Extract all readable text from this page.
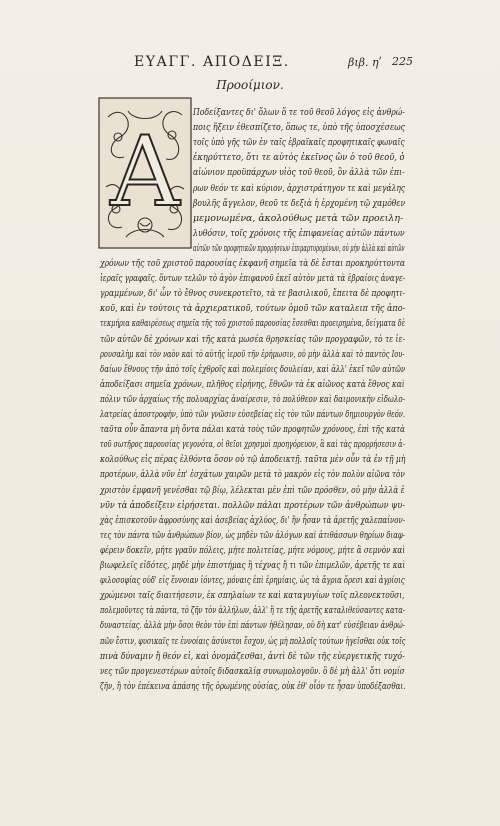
ΕΥΑΓΓ. ΑΠΟΔΕΙΞ.	βιβ. ηʹ 225
Προοίμιον.
A
Ποδείξαντες δι' ὅλων ὅ τε τοῦ θεοῦ λόγος εἰς ἀνθρώ-
ποις ἥξειν ἐθεσπίζετο, ὅπως τε, ὑπὸ τῆς ὑποσχέσεως
τοῖς ὑπὸ γῆς τῶν ἐν ταῖς ἑβραϊκαῖς προφητικαῖς φωναῖς
ἐκηρύττετο, ὅτι τε αὐτὸς ἐκεῖνος ὢν ὁ τοῦ θεοῦ, ὁ
αἰώνιον προϋπάρχων υἱὸς τοῦ θεοῦ, ὃν ἀλλὰ τῶν ἐπι-
ρων θεόν τε καὶ κύριον, ἀρχιστράτηγον τε καὶ μεγάλης
βουλῆς ἄγγελον, θεοῦ τε δεξιὰ ἡ ἐρχομένη τῷ χαμόθεν
μεμονωμένα, ἀκολούθως μετὰ τῶν προειλη-
λυθόσιν, τοῖς χρόνοις τῆς ἐπιφανείας αὐτῶν πάντων
αὐτῶν τῶν προφητικῶν προρρήσεων ἐπιμαρτυρομένων, οὐ μὴν ἀλλὰ καὶ αὐτῶν
χρόνων τῆς τοῦ χριστοῦ παρουσίας ἐκφανῆ σημεῖα τὰ δὲ ἔσται προκηρύττοντα
ἱεραῖς γραφαῖς. ὅντων τελῶν τὸ ἀγὸν ἐπιφανοῦ ἐκεῖ αὐτὸν μετὰ τὰ ἑβραίοις ἀναγε-
γραμμένων, δι' ὧν τὸ ἔθνος συνεκροτεῖτο, τὰ τε βασιλικοῦ, ἔπειτα δὲ προφητι-
κοῦ, καὶ ἐν τούτοις τὰ ἀρχιερατικοῦ, τούτων ὁμοῦ τῶν καταλειπ τῆς ἀπο-
τεκμήρια καθαιρέσεως σημεῖα τῆς τοῦ χριστοῦ παρουσίας ἔσεσθαι προειρημένα, δείγματα δὲ
τῶν αὐτῶν δὲ χρόνων καὶ τῆς κατὰ μωσέα θρησκείας τῶν προγραφῶν, τὸ τε ἱε-
ρουσαλὴμ καὶ τὸν ναὸν καὶ τὸ αὐτῆς ἱεροῦ τῆν ἐρήμωσιν, οὐ μὴν ἀλλὰ καὶ τὸ παντὸς Ιου-
δαίων ἔθνους τῆν ἀπὸ τοῖς ἐχθροῖς καὶ πολεμίοις δουλείαν, καὶ ἀλλ' ἐκεῖ τῶν αὐτῶν
ἀποδείξασι σημεῖα χρόνων, πλῆθος εἰρήνης, ἔθνῶν τὰ ἐκ αἰῶνος κατὰ ἔθνος καὶ
πόλιν τῶν ἀρχαίως τῆς πολυαρχίας ἀναίρεσιν, τὸ πολύθεον καὶ δαιμονικὴν εἰδωλο-
λατρείας ἀποστροφὴν, ὑπὸ τῶν γνῶσιν εὐσεβείας εἰς τὸν τῶν πάντων δημιουργὸν θεόν.
ταῦτα οὖν ἅπαντα μὴ ὄντα πάλαι κατὰ τοὺς τῶν προφητῶν χρόνους, ἐπὶ τῆς κατὰ
τοῦ σωτῆρος παρουσίας γεγονότα, οἱ θεῖοι χρησμοὶ προηγόρευον, ἃ καὶ τὰς προρρήσεσιν ἀ-
κολούθως εἰς πέρας ἐλθόντα ὅσον οὐ τῷ ἀποδεικτῇ. ταῦτα μὲν οὖν τὰ ἐν τῇ μὴ
προτέρων, ἀλλὰ νῦν ἐπ' ἐσχάτων χαιρῶν μετὰ τὸ μακρὸν εἰς τὸν πολὺν αἰῶνα τὸν
χριστὸν ἐμφανῆ γενέσθαι τῷ βίῳ, λέλεκται μὲν ἐπὶ τῶν πρόσθεν, οὐ μὴν ἀλλὰ ἐ
νῦν τὰ ἀποδείξειν εἰρήσεται. πολλῶν πάλαι προτέρων τῶν ἀνθρώπων ψυ-
χὰς ἐπισκοτοῦν ἀφροσύνης καὶ ἀσεβείας ἀχλύος, δι' ἣν ἦσαν τὰ ἀρετῆς χαλεπαίνον-
τες τὸν πάντα τῶν ἀνθρώπων βίον, ὡς μηδὲν τῶν ἀλόγων καὶ ἀτιθάσσων θηρίων διαφ-
φέρειν δοκεῖν, μήτε γραῦν πόλεις, μήτε πολιτείας, μήτε νόμους, μήτε ἃ σεμνὸν καὶ
βιωφελεῖς εἰδότες, μηδὲ μὴν ἐπιστήμας ἢ τέχνας ἢ τι τῶν ἐπιμελῶν, ἀρετῆς τε καὶ
φιλοσοφίας οὐδ' εἰς ἔννοιαν ἰόντες, μόναις ἐπὶ ἐρημίαις, ὡς τὰ ἄγρια ὄρεσι καὶ ἀγρίοις
χρώμενοι ταῖς διαιτήσεσιν, ἐκ σπηλαίων τε καὶ καταγυγίων τοῖς πλεονεκτοῦσι,
πολεμοῦντες τὰ πάντα, τὸ ζῆν τὸν ἀλλήλων, ἀλλ' ἥ τε τῆς ἀρετῆς καταλιθεύσαντες κατα-
δυναστείας. ἀλλὰ μὴν ὅσοι θεὸν τὸν ἐπὶ πάντων ἠθέλησαν, οὐ δὴ κατ' εὐσέβειαν ἀνθρώ-
πῶν ἔστιν, φυσικαῖς τε ἐννοίαις ἀσύνετοι ἔσχον, ὡς μὴ πολλοῖς τούτων ἡγεῖσθαι οὐκ τοῖς
πινὰ δύναμιν ἢ θεόν εἰ, καὶ ὀνομάζεσθαι, ἀντὶ δὲ τῶν τῆς εὐεργετικῆς τυχό-
νες τῶν προγενεστέρων αὐτοῖς διδασκαλίᾳ συνωμολογοῦν. ὃ δὲ μὴ ἀλλ' ὅτι νομίσ
ζῆν, ἢ τὸν ἐπέκεινα ἀπάσης τῆς ὁρωμένης οὐσίας, οὐκ ἐθ' οἷόν τε ἦσαν ὑποδέξασθαι.
